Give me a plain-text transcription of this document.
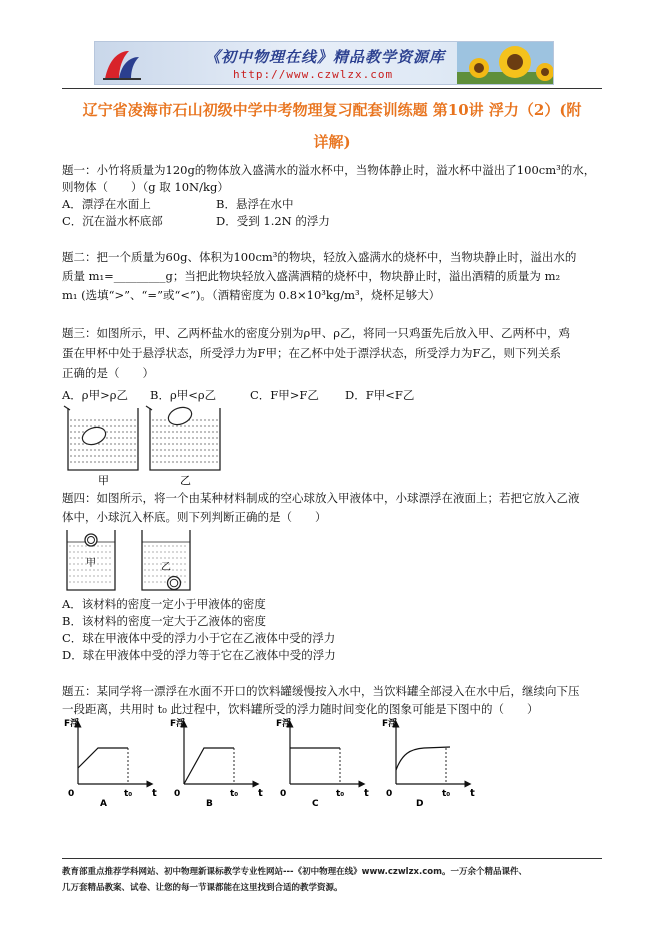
《初中物理在线》精品教学资源库
http://www.czwlzx.com
辽宁省凌海市石山初级中学中考物理复习配套训练题 第10讲 浮力（2）(附
详解)
题一：小竹将质量为120g的物体放入盛满水的溢水杯中，当物体静止时，溢水杯中溢出了100cm³的水，
则物体（　　）（g 取 10N/kg）
A．漂浮在水面上	B．悬浮在水中
C．沉在溢水杯底部	D．受到 1.2N 的浮力
题二：把一个质量为60g、体积为100cm³的物块，轻放入盛满水的烧杯中，当物块静止时，溢出水的
质量 m₁=_________g；当把此物块轻放入盛满酒精的烧杯中，物块静止时，溢出酒精的质量为 m₂
m₁ (选填“>”、“=”或“<”)。（酒精密度为 0.8×10³kg/m³，烧杯足够大）
题三：如图所示，甲、乙两杯盐水的密度分别为ρ甲、ρ乙，将同一只鸡蛋先后放入甲、乙两杯中，鸡
蛋在甲杯中处于悬浮状态，所受浮力为F甲；在乙杯中处于漂浮状态，所受浮力为F乙，则下列关系
正确的是（　　）
A．ρ甲>ρ乙 B．ρ甲<ρ乙	C．F甲>F乙 D．F甲<F乙
甲	乙
题四：如图所示，将一个由某种材料制成的空心球放入甲液体中，小球漂浮在液面上；若把它放入乙液
体中，小球沉入杯底。则下列判断正确的是（　　）
甲	乙
A．该材料的密度一定小于甲液体的密度
B．该材料的密度一定大于乙液体的密度
C．球在甲液体中受的浮力小于它在乙液体中受的浮力
D．球在甲液体中受的浮力等于它在乙液体中受的浮力
题五：某同学将一漂浮在水面不开口的饮料罐缓慢按入水中，当饮料罐全部浸入在水中后，继续向下压
一段距离，共用时 t₀ 此过程中，饮料罐所受的浮力随时间变化的图象可能是下图中的（　　）
F浮
0	t₀ t
A
F浮
0	t₀ t
B
F浮
0	t₀ t
C
F浮
0	t₀ t
D
教育部重点推荐学科网站、初中物理新课标教学专业性网站---《初中物理在线》www.czwlzx.com。一万余个精品课件、
几万套精品教案、试卷、让您的每一节课都能在这里找到合适的教学资源。
